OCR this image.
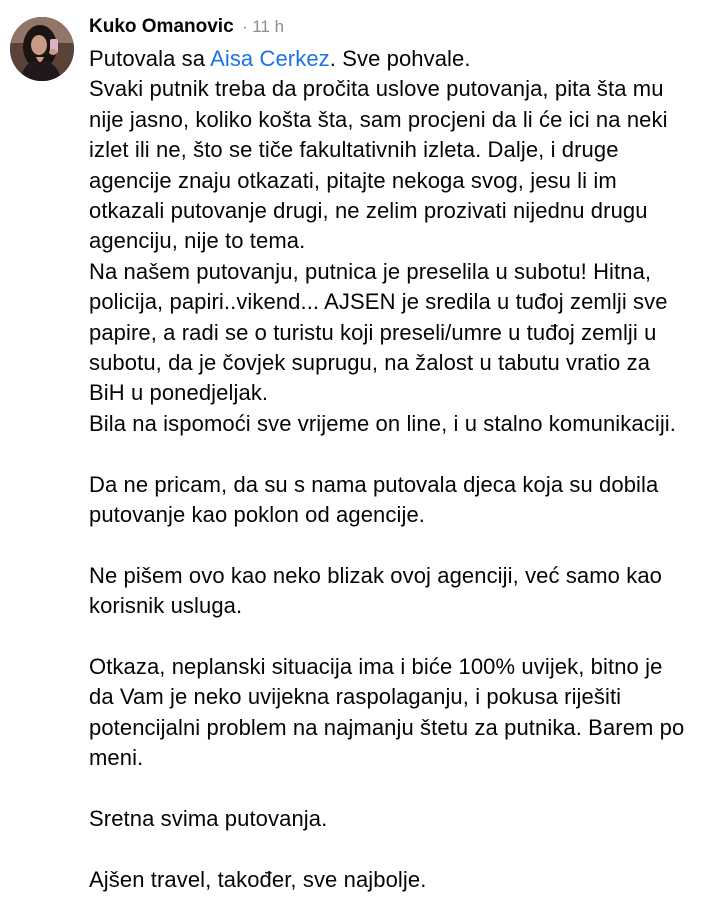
Kuko Omanovic · 11 h
Putovala sa Aisa Cerkez. Sve pohvale.
Svaki putnik treba da pročita uslove putovanja, pita šta mu
nije jasno, koliko košta šta, sam procjeni da li će ici na neki
izlet ili ne, što se tiče fakultativnih izleta. Dalje, i druge
agencije znaju otkazati, pitajte nekoga svog, jesu li im
otkazali putovanje drugi, ne zelim prozivati nijednu drugu
agenciju, nije to tema.
Na našem putovanju, putnica je preselila u subotu! Hitna,
policija, papiri..vikend... AJSEN je sredila u tuđoj zemlji sve
papire, a radi se o turistu koji preseli/umre u tuđoj zemlji u
subotu, da je čovjek suprugu, na žalost u tabutu vratio za
BiH u ponedjeljak.
Bila na ispomoći sve vrijeme on line, i u stalno komunikaciji.
Da ne pricam, da su s nama putovala djeca koja su dobila
putovanje kao poklon od agencije.
Ne pišem ovo kao neko blizak ovoj agenciji, već samo kao
korisnik usluga.
Otkaza, neplanski situacija ima i biće 100% uvijek, bitno je
da Vam je neko uvijekna raspolaganju, i pokusa riješiti
potencijalni problem na najmanju štetu za putnika. Barem po
meni.
Sretna svima putovanja.
Ajšen travel, također, sve najbolje.
